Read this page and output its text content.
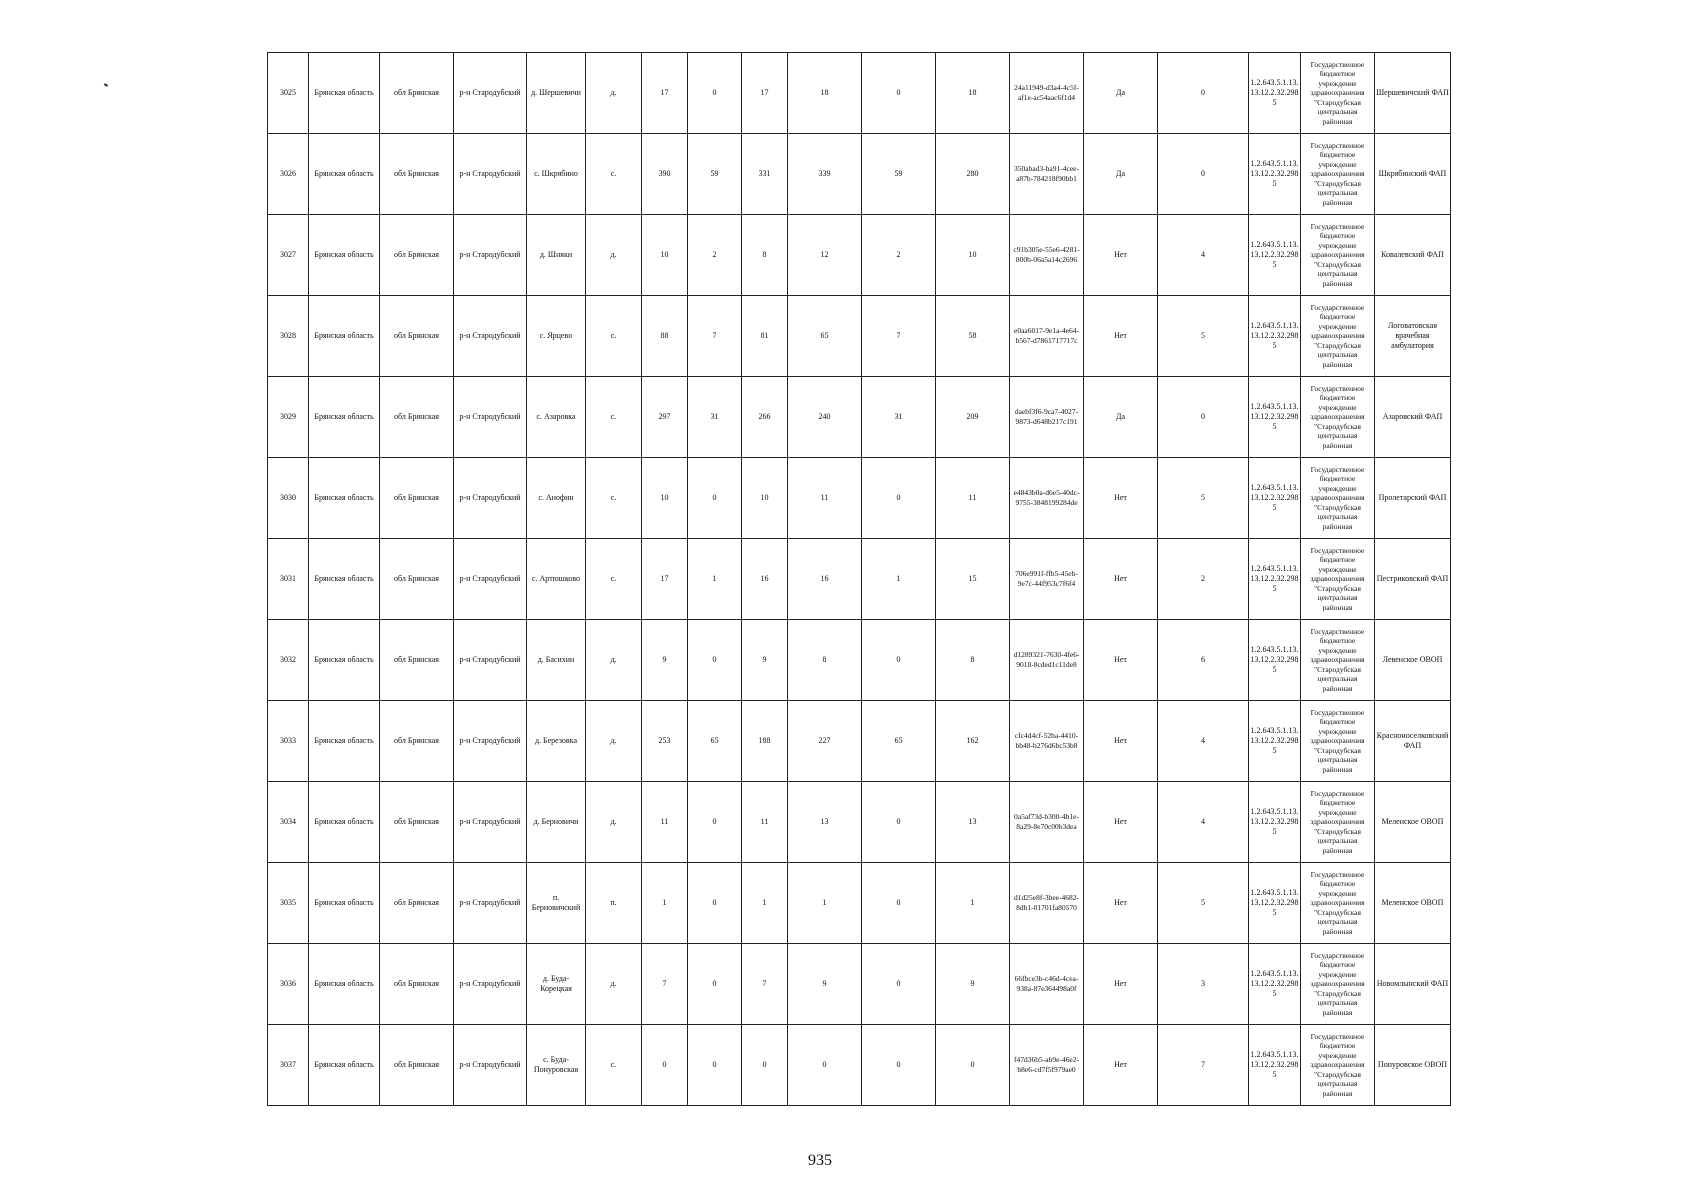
3025	Брянская область	обл Брянская	р-н Стародубский	д. Шершевичи	д.	17	0	17	18	0	18	24a11949-d3a4-4c5f-af1e-ac54aac6f1d4	Да	0	1.2.643.5.1.13.13.12.2.32.2985	Государственное бюджетное учреждение здравоохранения "Стародубская центральная районная	Шершевичский ФАП
3026	Брянская область	обл Брянская	р-н Стародубский	с. Шкрябино	с.	390	59	331	339	59	280	350abad3-ba91-4cee-a87b-784218f90bb1	Да	0	1.2.643.5.1.13.13.12.2.32.2985	Государственное бюджетное учреждение здравоохранения "Стародубская центральная районная	Шкрябинский ФАП
3027	Брянская область	обл Брянская	р-н Стародубский	д. Шняки	д.	10	2	8	12	2	10	c91b305e-55e6-4281-800b-06a5a14c2696	Нет	4	1.2.643.5.1.13.13.12.2.32.2985	Государственное бюджетное учреждение здравоохранения "Стародубская центральная районная	Ковалевский ФАП
3028	Брянская область	обл Брянская	р-н Стародубский	с. Ярцево	с.	88	7	81	65	7	58	e0aa6017-9e1a-4e64-b567-d7861717717c	Нет	5	1.2.643.5.1.13.13.12.2.32.2985	Государственное бюджетное учреждение здравоохранения "Стародубская центральная районная	Логоватовская врачебная амбулатория
3029	Брянская область	обл Брянская	р-н Стародубский	с. Азаровка	с.	297	31	266	240	31	209	daebf3f6-9ca7-4027-9873-d648b217c191	Да	0	1.2.643.5.1.13.13.12.2.32.2985	Государственное бюджетное учреждение здравоохранения "Стародубская центральная районная	Азаровский ФАП
3030	Брянская область	обл Брянская	р-н Стародубский	с. Анофин	с.	10	0	10	11	0	11	e4843b0a-d6e5-40dc-9755-3848199284de	Нет	5	1.2.643.5.1.13.13.12.2.32.2985	Государственное бюджетное учреждение здравоохранения "Стародубская центральная районная	Пролетарский ФАП
3031	Брянская область	обл Брянская	р-н Стародубский	с. Артюшково	с.	17	1	16	16	1	15	706e991f-ffb5-45eb-9e7c-44f953c7f6f4	Нет	2	1.2.643.5.1.13.13.12.2.32.2985	Государственное бюджетное учреждение здравоохранения "Стародубская центральная районная	Пестриковский ФАП
3032	Брянская область	обл Брянская	р-н Стародубский	д. Басихин	д.	9	0	9	8	0	8	d1289321-7630-4fe6-9018-8cded1c11de8	Нет	6	1.2.643.5.1.13.13.12.2.32.2985	Государственное бюджетное учреждение здравоохранения "Стародубская центральная районная	Левенское ОВОП
3033	Брянская область	обл Брянская	р-н Стародубский	д. Березовка	д.	253	65	188	227	65	162	cfc4d4cf-52ba-4410-bb48-b276d6bc53b8	Нет	4	1.2.643.5.1.13.13.12.2.32.2985	Государственное бюджетное учреждение здравоохранения "Стародубская центральная районная	Красноноселковский ФАП
3034	Брянская область	обл Брянская	р-н Стародубский	д. Берновичи	д.	11	0	11	13	0	13	0a5af73d-b300-4b1e-8a29-8e70c00b3dea	Нет	4	1.2.643.5.1.13.13.12.2.32.2985	Государственное бюджетное учреждение здравоохранения "Стародубская центральная районная	Меленское ОВОП
3035	Брянская область	обл Брянская	р-н Стародубский	п. Берновичский	п.	1	0	1	1	0	1	d1d25e8f-3bee-4682-8db1-01701fa80570	Нет	5	1.2.643.5.1.13.13.12.2.32.2985	Государственное бюджетное учреждение здравоохранения "Стародубская центральная районная	Меленское ОВОП
3036	Брянская область	обл Брянская	р-н Стародубский	д. Буда-Корецкая	д.	7	0	7	9	0	9	66fbce3b-c46d-4cea-938a-87e364498a0f	Нет	3	1.2.643.5.1.13.13.12.2.32.2985	Государственное бюджетное учреждение здравоохранения "Стародубская центральная районная	Новомлынский ФАП
3037	Брянская область	обл Брянская	р-н Стародубский	с. Буда-Понуровская	с.	0	0	0	0	0	0	f47d36b5-ab9e-46e2-b8e6-cd7f5f979ae0	Нет	7	1.2.643.5.1.13.13.12.2.32.2985	Государственное бюджетное учреждение здравоохранения "Стародубская центральная районная	Понуровское ОВОП
935
